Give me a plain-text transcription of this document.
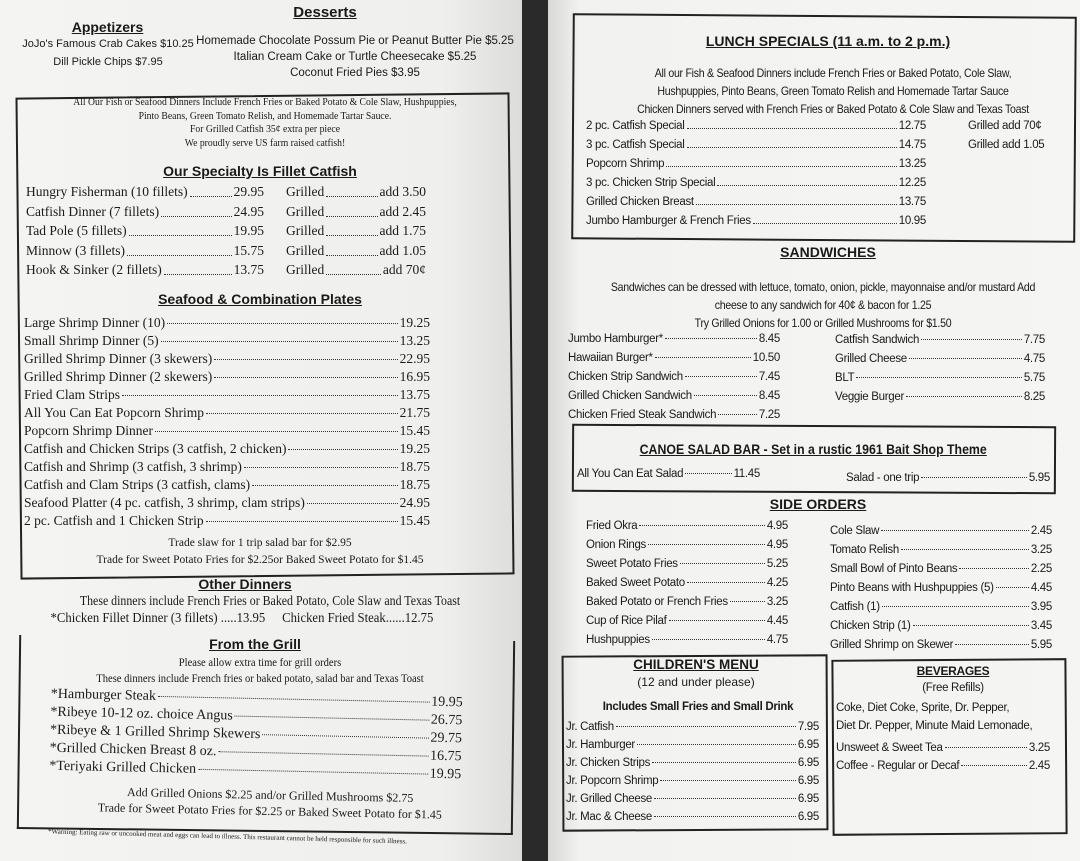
Appetizers
JoJo's Famous Crab Cakes $10.25
Dill Pickle Chips $7.95
Desserts
Homemade Chocolate Possum Pie or Peanut Butter Pie $5.25
Italian Cream Cake or Turtle Cheesecake $5.25
Coconut Fried Pies $3.95
All Our Fish or Seafood Dinners Include French Fries or Baked Potato & Cole Slaw, Hushpuppies,
Pinto Beans, Green Tomato Relish, and Homemade Tartar Sauce.
For Grilled Catfish 35¢ extra per piece
We proudly serve US farm raised catfish!
Our Specialty Is Fillet Catfish
Hungry Fisherman (10 fillets)	29.95 Grilled	add 3.50
Catfish Dinner (7 fillets)	24.95 Grilled	add 2.45
Tad Pole (5 fillets)	19.95 Grilled	add 1.75
Minnow (3 fillets)	15.75 Grilled	add 1.05
Hook & Sinker (2 fillets)	13.75 Grilled	add 70¢
Seafood & Combination Plates
Large Shrimp Dinner (10)	19.25
Small Shrimp Dinner (5)	13.25
Grilled Shrimp Dinner (3 skewers)	22.95
Grilled Shrimp Dinner (2 skewers)	16.95
Fried Clam Strips	13.75
All You Can Eat Popcorn Shrimp	21.75
Popcorn Shrimp Dinner	15.45
Catfish and Chicken Strips (3 catfish, 2 chicken)	19.25
Catfish and Shrimp (3 catfish, 3 shrimp)	18.75
Catfish and Clam Strips (3 catfish, clams)	18.75
Seafood Platter (4 pc. catfish, 3 shrimp, clam strips)	24.95
2 pc. Catfish and 1 Chicken Strip	15.45
Trade slaw for 1 trip salad bar for $2.95
Trade for Sweet Potato Fries for $2.25or Baked Sweet Potato for $1.45
Other Dinners
These dinners include French Fries or Baked Potato, Cole Slaw and Texas Toast
*Chicken Fillet Dinner (3 fillets) .....13.95 Chicken Fried Steak......12.75
From the Grill
Please allow extra time for grill orders
These dinners include French fries or baked potato, salad bar and Texas Toast
*Hamburger Steak	19.95
*Ribeye 10-12 oz. choice Angus	26.75
*Ribeye & 1 Grilled Shrimp Skewers	29.75
*Grilled Chicken Breast 8 oz.	16.75
*Teriyaki Grilled Chicken	19.95
Add Grilled Onions $2.25 and/or Grilled Mushrooms $2.75
Trade for Sweet Potato Fries for $2.25 or Baked Sweet Potato for $1.45
*Warning: Eating raw or uncooked meat and eggs can lead to illness. This restaurant cannot be held responsible for such illness.
LUNCH SPECIALS (11 a.m. to 2 p.m.)
All our Fish & Seafood Dinners include French Fries or Baked Potato, Cole Slaw,
Hushpuppies, Pinto Beans, Green Tomato Relish and Homemade Tartar Sauce
Chicken Dinners served with French Fries or Baked Potato & Cole Slaw and Texas Toast
2 pc. Catfish Special	12.75	Grilled add 70¢
3 pc. Catfish Special	14.75	Grilled add 1.05
Popcorn Shrimp	13.25
3 pc. Chicken Strip Special	12.25
Grilled Chicken Breast	13.75
Jumbo Hamburger & French Fries	10.95
SANDWICHES
Sandwiches can be dressed with lettuce, tomato, onion, pickle, mayonnaise and/or mustard Add
cheese to any sandwich for 40¢ & bacon for 1.25
Try Grilled Onions for 1.00 or Grilled Mushrooms for $1.50
Jumbo Hamburger*	8.45
Hawaiian Burger*	10.50
Chicken Strip Sandwich	7.45
Grilled Chicken Sandwich	8.45
Chicken Fried Steak Sandwich	7.25
Catfish Sandwich	7.75
Grilled Cheese	4.75
BLT	5.75
Veggie Burger	8.25
CANOE SALAD BAR - Set in a rustic 1961 Bait Shop Theme
All You Can Eat Salad	11.45	Salad - one trip	5.95
SIDE ORDERS
Fried Okra	4.95
Onion Rings	4.95
Sweet Potato Fries	5.25
Baked Sweet Potato	4.25
Baked Potato or French Fries	3.25
Cup of Rice Pilaf	4.45
Hushpuppies	4.75
Cole Slaw	2.45
Tomato Relish	3.25
Small Bowl of Pinto Beans	2.25
Pinto Beans with Hushpuppies (5)	4.45
Catfish (1)	3.95
Chicken Strip (1)	3.45
Grilled Shrimp on Skewer	5.95
CHILDREN'S MENU
(12 and under please)
Includes Small Fries and Small Drink
Jr. Catfish	7.95
Jr. Hamburger	6.95
Jr. Chicken Strips	6.95
Jr. Popcorn Shrimp	6.95
Jr. Grilled Cheese	6.95
Jr. Mac & Cheese	6.95
BEVERAGES
(Free Refills)
Coke, Diet Coke, Sprite, Dr. Pepper,
Diet Dr. Pepper, Minute Maid Lemonade,
Unsweet & Sweet Tea	3.25
Coffee - Regular or Decaf	2.45
